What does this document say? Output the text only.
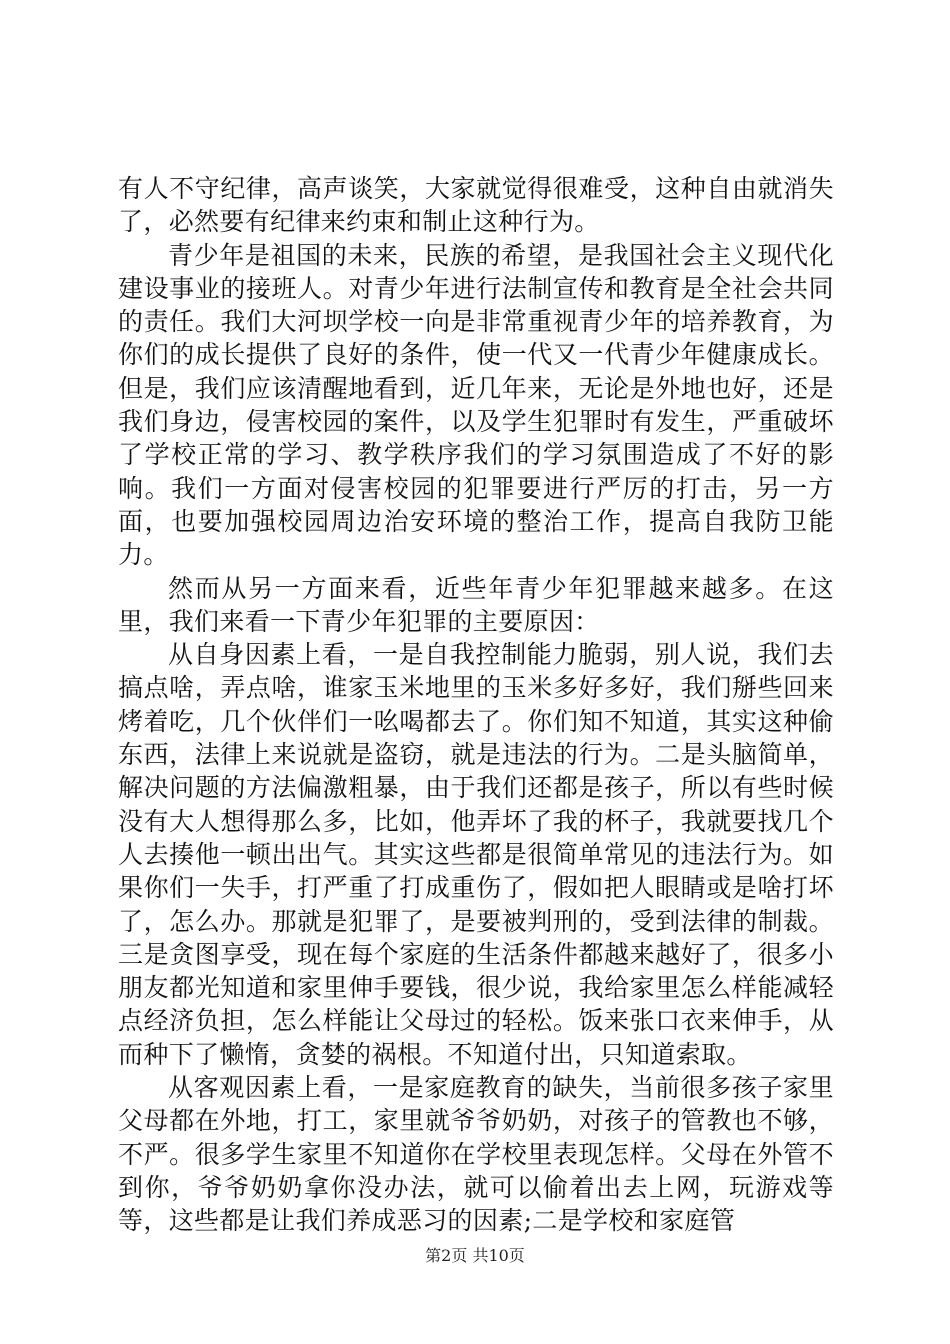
有人不守纪律，高声谈笑，大家就觉得很难受，这种自由就消失了，必然要有纪律来约束和制止这种行为。

青少年是祖国的未来，民族的希望，是我国社会主义现代化建设事业的接班人。对青少年进行法制宣传和教育是全社会共同的责任。我们大河坝学校一向是非常重视青少年的培养教育，为你们的成长提供了良好的条件，使一代又一代青少年健康成长。但是，我们应该清醒地看到，近几年来，无论是外地也好，还是我们身边，侵害校园的案件，以及学生犯罪时有发生，严重破坏了学校正常的学习、教学秩序我们的学习氛围造成了不好的影响。我们一方面对侵害校园的犯罪要进行严厉的打击，另一方面，也要加强校园周边治安环境的整治工作，提高自我防卫能力。

然而从另一方面来看，近些年青少年犯罪越来越多。在这里，我们来看一下青少年犯罪的主要原因：

从自身因素上看，一是自我控制能力脆弱，别人说，我们去搞点啥，弄点啥，谁家玉米地里的玉米多好多好，我们掰些回来烤着吃，几个伙伴们一吆喝都去了。你们知不知道，其实这种偷东西，法律上来说就是盗窃，就是违法的行为。二是头脑简单，解决问题的方法偏激粗暴，由于我们还都是孩子，所以有些时候没有大人想得那么多，比如，他弄坏了我的杯子，我就要找几个人去揍他一顿出出气。其实这些都是很简单常见的违法行为。如果你们一失手，打严重了打成重伤了，假如把人眼睛或是啥打坏了，怎么办。那就是犯罪了，是要被判刑的，受到法律的制裁。三是贪图享受，现在每个家庭的生活条件都越来越好了，很多小朋友都光知道和家里伸手要钱，很少说，我给家里怎么样能减轻点经济负担，怎么样能让父母过的轻松。饭来张口衣来伸手，从而种下了懒惰，贪婪的祸根。不知道付出，只知道索取。

从客观因素上看，一是家庭教育的缺失，当前很多孩子家里父母都在外地，打工，家里就爷爷奶奶，对孩子的管教也不够，不严。很多学生家里不知道你在学校里表现怎样。父母在外管不到你，爷爷奶奶拿你没办法，就可以偷着出去上网，玩游戏等等，这些都是让我们养成恶习的因素;二是学校和家庭管

第2页 共10页
